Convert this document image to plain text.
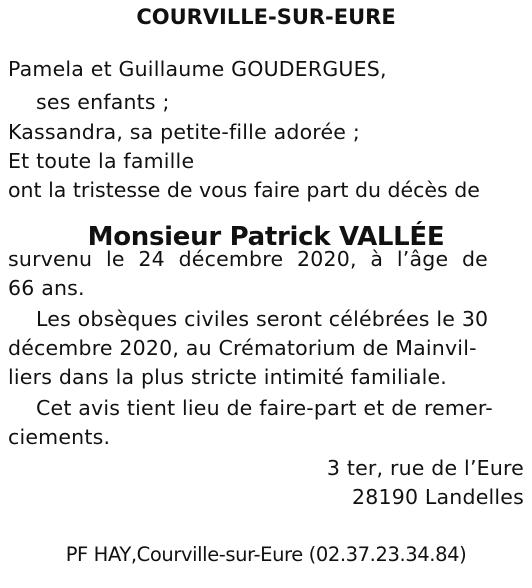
COURVILLE-SUR-EURE
Pamela et Guillaume GOUDERGUES,
ses enfants ;
Kassandra, sa petite-fille adorée ;
Et toute la famille
ont la tristesse de vous faire part du décès de
Monsieur Patrick VALLÉE
survenu le 24 décembre 2020, à l’âge de
66 ans.
Les obsèques civiles seront célébrées le 30
décembre 2020, au Crématorium de Mainvil-
liers dans la plus stricte intimité familiale.
Cet avis tient lieu de faire-part et de remer-
ciements.
3 ter, rue de l’Eure
28190 Landelles
PF HAY,Courville-sur-Eure (02.37.23.34.84)
